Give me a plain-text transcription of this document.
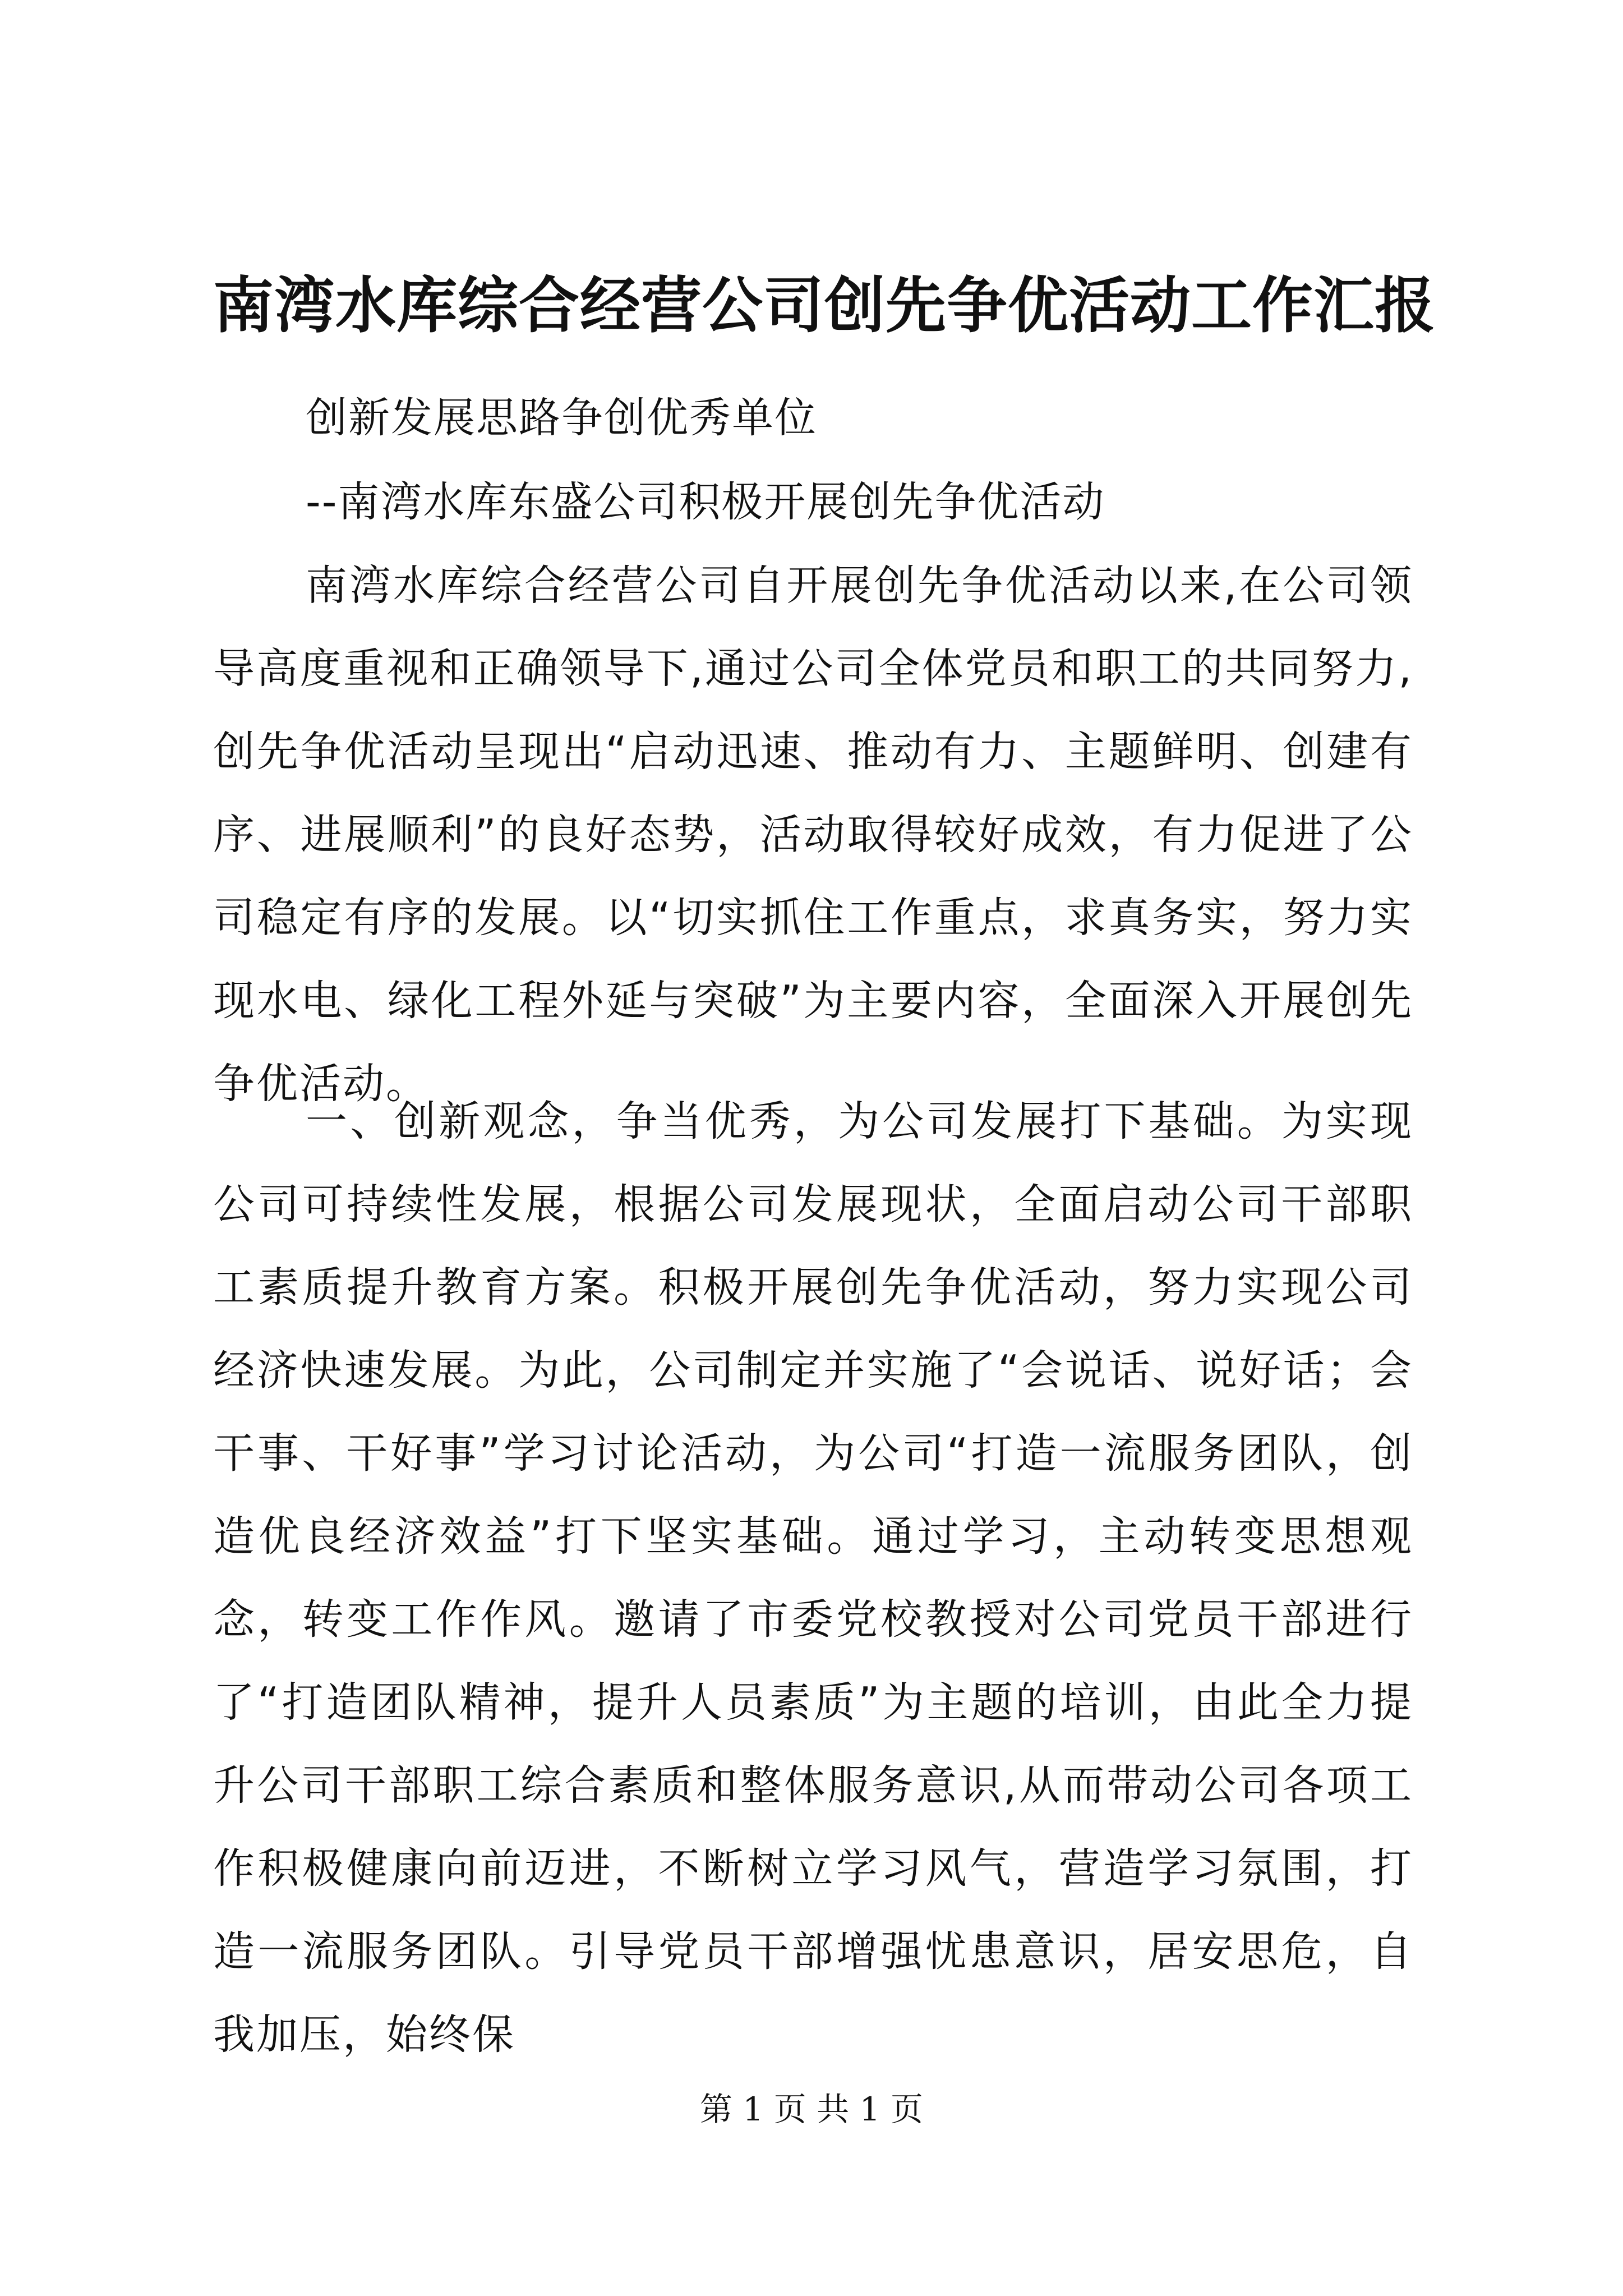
南湾水库综合经营公司创先争优活动工作汇报
创新发展思路争创优秀单位
--南湾水库东盛公司积极开展创先争优活动

南湾水库综合经营公司自开展创先争优活动以来,在公司领导高度重视和正确领导下,通过公司全体党员和职工的共同努力,创先争优活动呈现出“启动迅速、推动有力、主题鲜明、创建有序、进展顺利”的良好态势，活动取得较好成效，有力促进了公司稳定有序的发展。以“切实抓住工作重点，求真务实，努力实现水电、绿化工程外延与突破”为主要内容，全面深入开展创先争优活动。

一、创新观念，争当优秀，为公司发展打下基础。为实现公司可持续性发展，根据公司发展现状，全面启动公司干部职工素质提升教育方案。积极开展创先争优活动，努力实现公司经济快速发展。为此，公司制定并实施了“会说话、说好话；会干事、干好事”学习讨论活动，为公司“打造一流服务团队，创造优良经济效益”打下坚实基础。通过学习，主动转变思想观念，转变工作作风。邀请了市委党校教授对公司党员干部进行了“打造团队精神，提升人员素质”为主题的培训，由此全力提升公司干部职工综合素质和整体服务意识,从而带动公司各项工作积极健康向前迈进，不断树立学习风气，营造学习氛围，打造一流服务团队。引导党员干部增强忧患意识，居安思危，自我加压，始终保

第 1 页 共 1 页
